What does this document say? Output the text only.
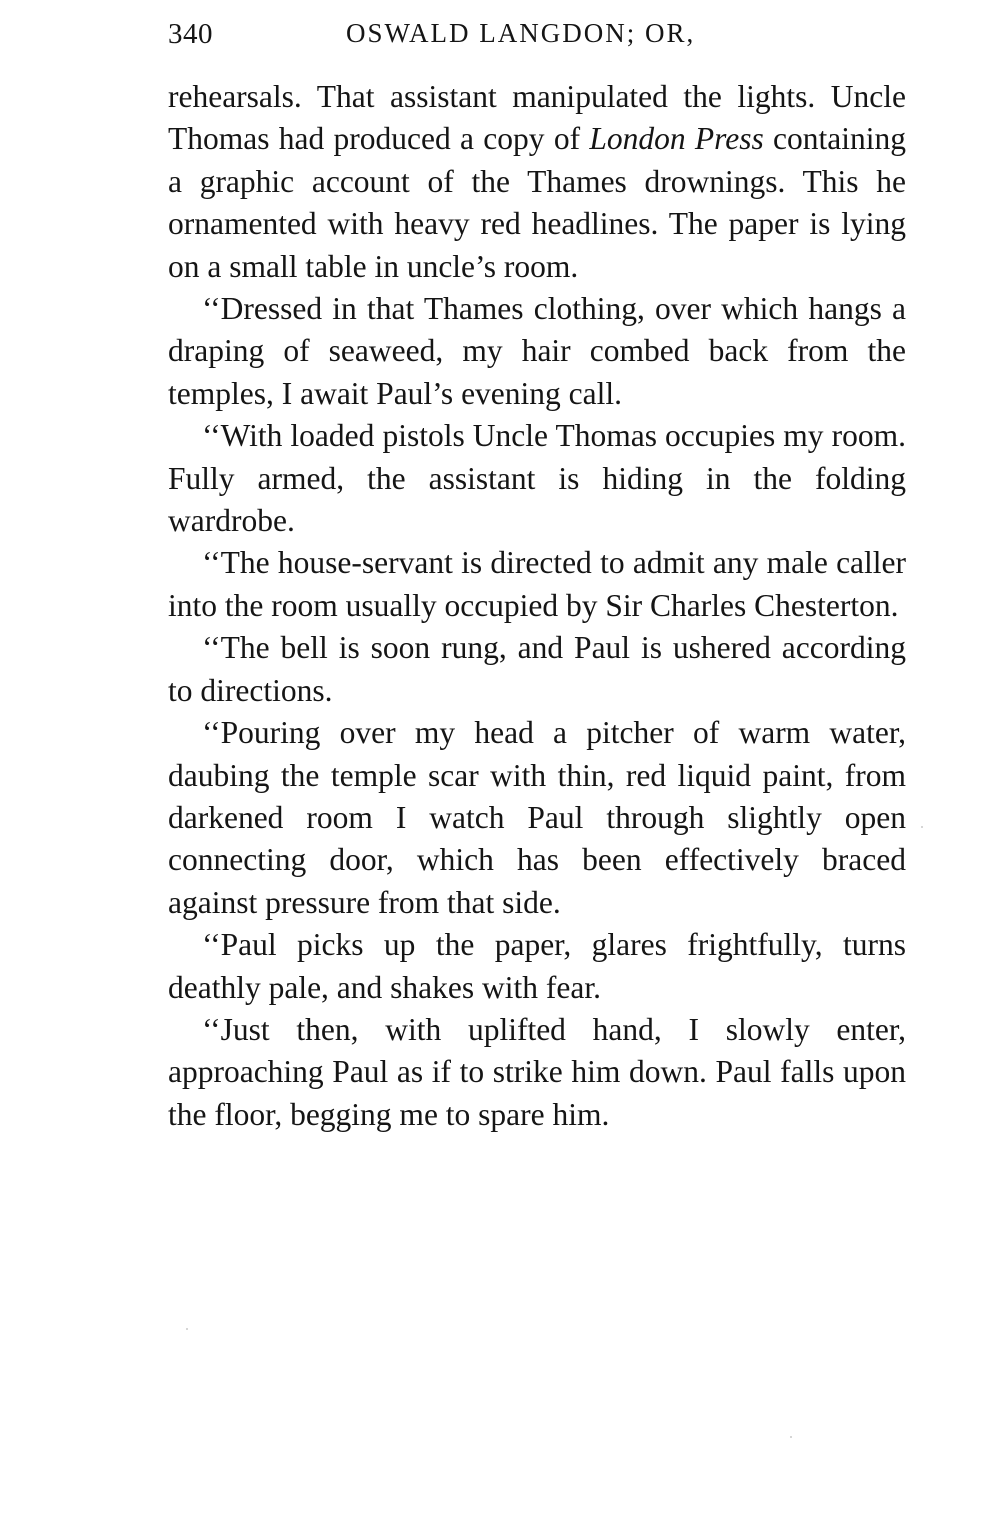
340	OSWALD LANGDON; OR,

rehearsals. That assistant manipulated the lights. Uncle Thomas had produced a copy of London Press containing a graphic account of the Thames drownings. This he ornamented with heavy red headlines. The paper is lying on a small table in uncle’s room.

‘‘Dressed in that Thames clothing, over which hangs a draping of seaweed, my hair combed back from the temples, I await Paul’s evening call.

‘‘With loaded pistols Uncle Thomas occupies my room. Fully armed, the assistant is hiding in the folding wardrobe.

‘‘The house-servant is directed to admit any male caller into the room usually occupied by Sir Charles Chesterton.

‘‘The bell is soon rung, and Paul is ushered according to directions.

‘‘Pouring over my head a pitcher of warm water, daubing the temple scar with thin, red liquid paint, from darkened room I watch Paul through slightly open connecting door, which has been effectively braced against pressure from that side.

‘‘Paul picks up the paper, glares frightfully, turns deathly pale, and shakes with fear.

‘‘Just then, with uplifted hand, I slowly enter, approaching Paul as if to strike him down. Paul falls upon the floor, begging me to spare him.
